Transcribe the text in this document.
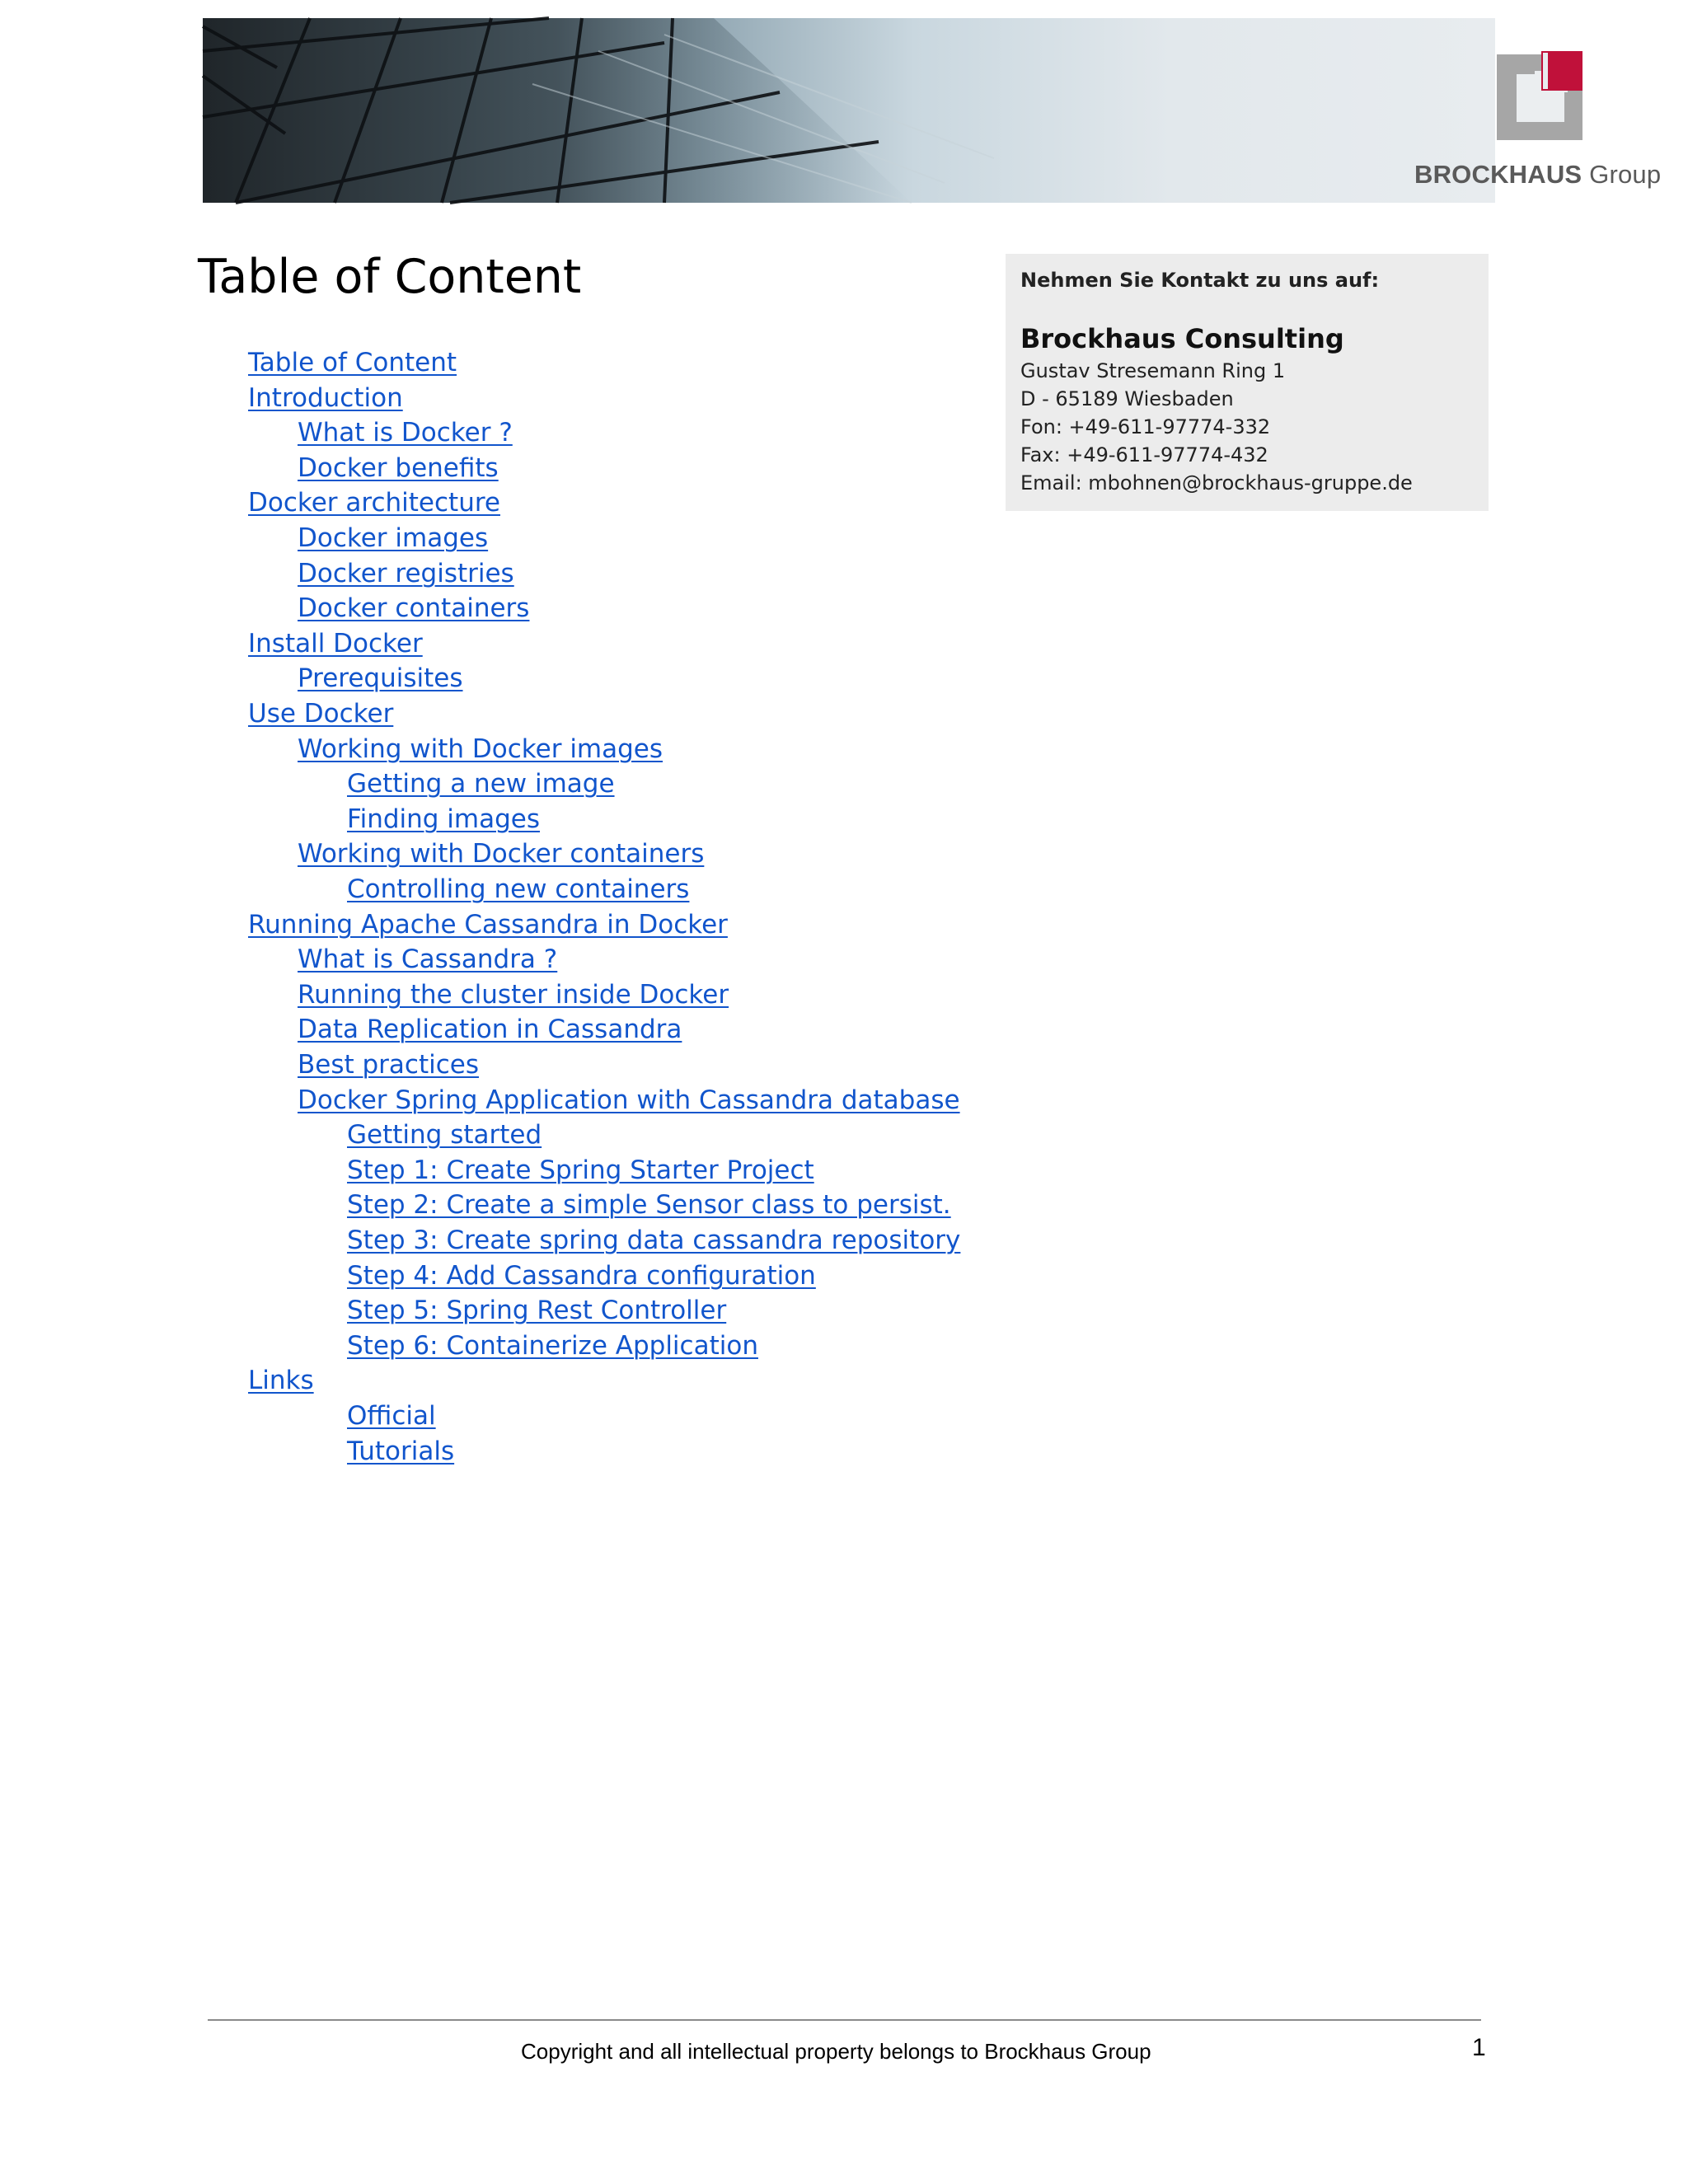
BROCKHAUS Group
Table of Content
Table of Content
Introduction
What is Docker ?
Docker benefits
Docker architecture
Docker images
Docker registries
Docker containers
Install Docker
Prerequisites
Use Docker
Working with Docker images
Getting a new image
Finding images
Working with Docker containers
Controlling new containers
Running Apache Cassandra in Docker
What is Cassandra ?
Running the cluster inside Docker
Data Replication in Cassandra
Best practices
Docker Spring Application with Cassandra database
Getting started
Step 1: Create Spring Starter Project
Step 2: Create a simple Sensor class to persist.
Step 3: Create spring data cassandra repository
Step 4: Add Cassandra configuration
Step 5: Spring Rest Controller
Step 6: Containerize Application
Links
Official
Tutorials
Nehmen Sie Kontakt zu uns auf:
Brockhaus Consulting
Gustav Stresemann Ring 1
D - 65189 Wiesbaden
Fon: +49-611-97774-332
Fax: +49-611-97774-432
Email: mbohnen@brockhaus-gruppe.de
Copyright and all intellectual property belongs to Brockhaus Group	1
